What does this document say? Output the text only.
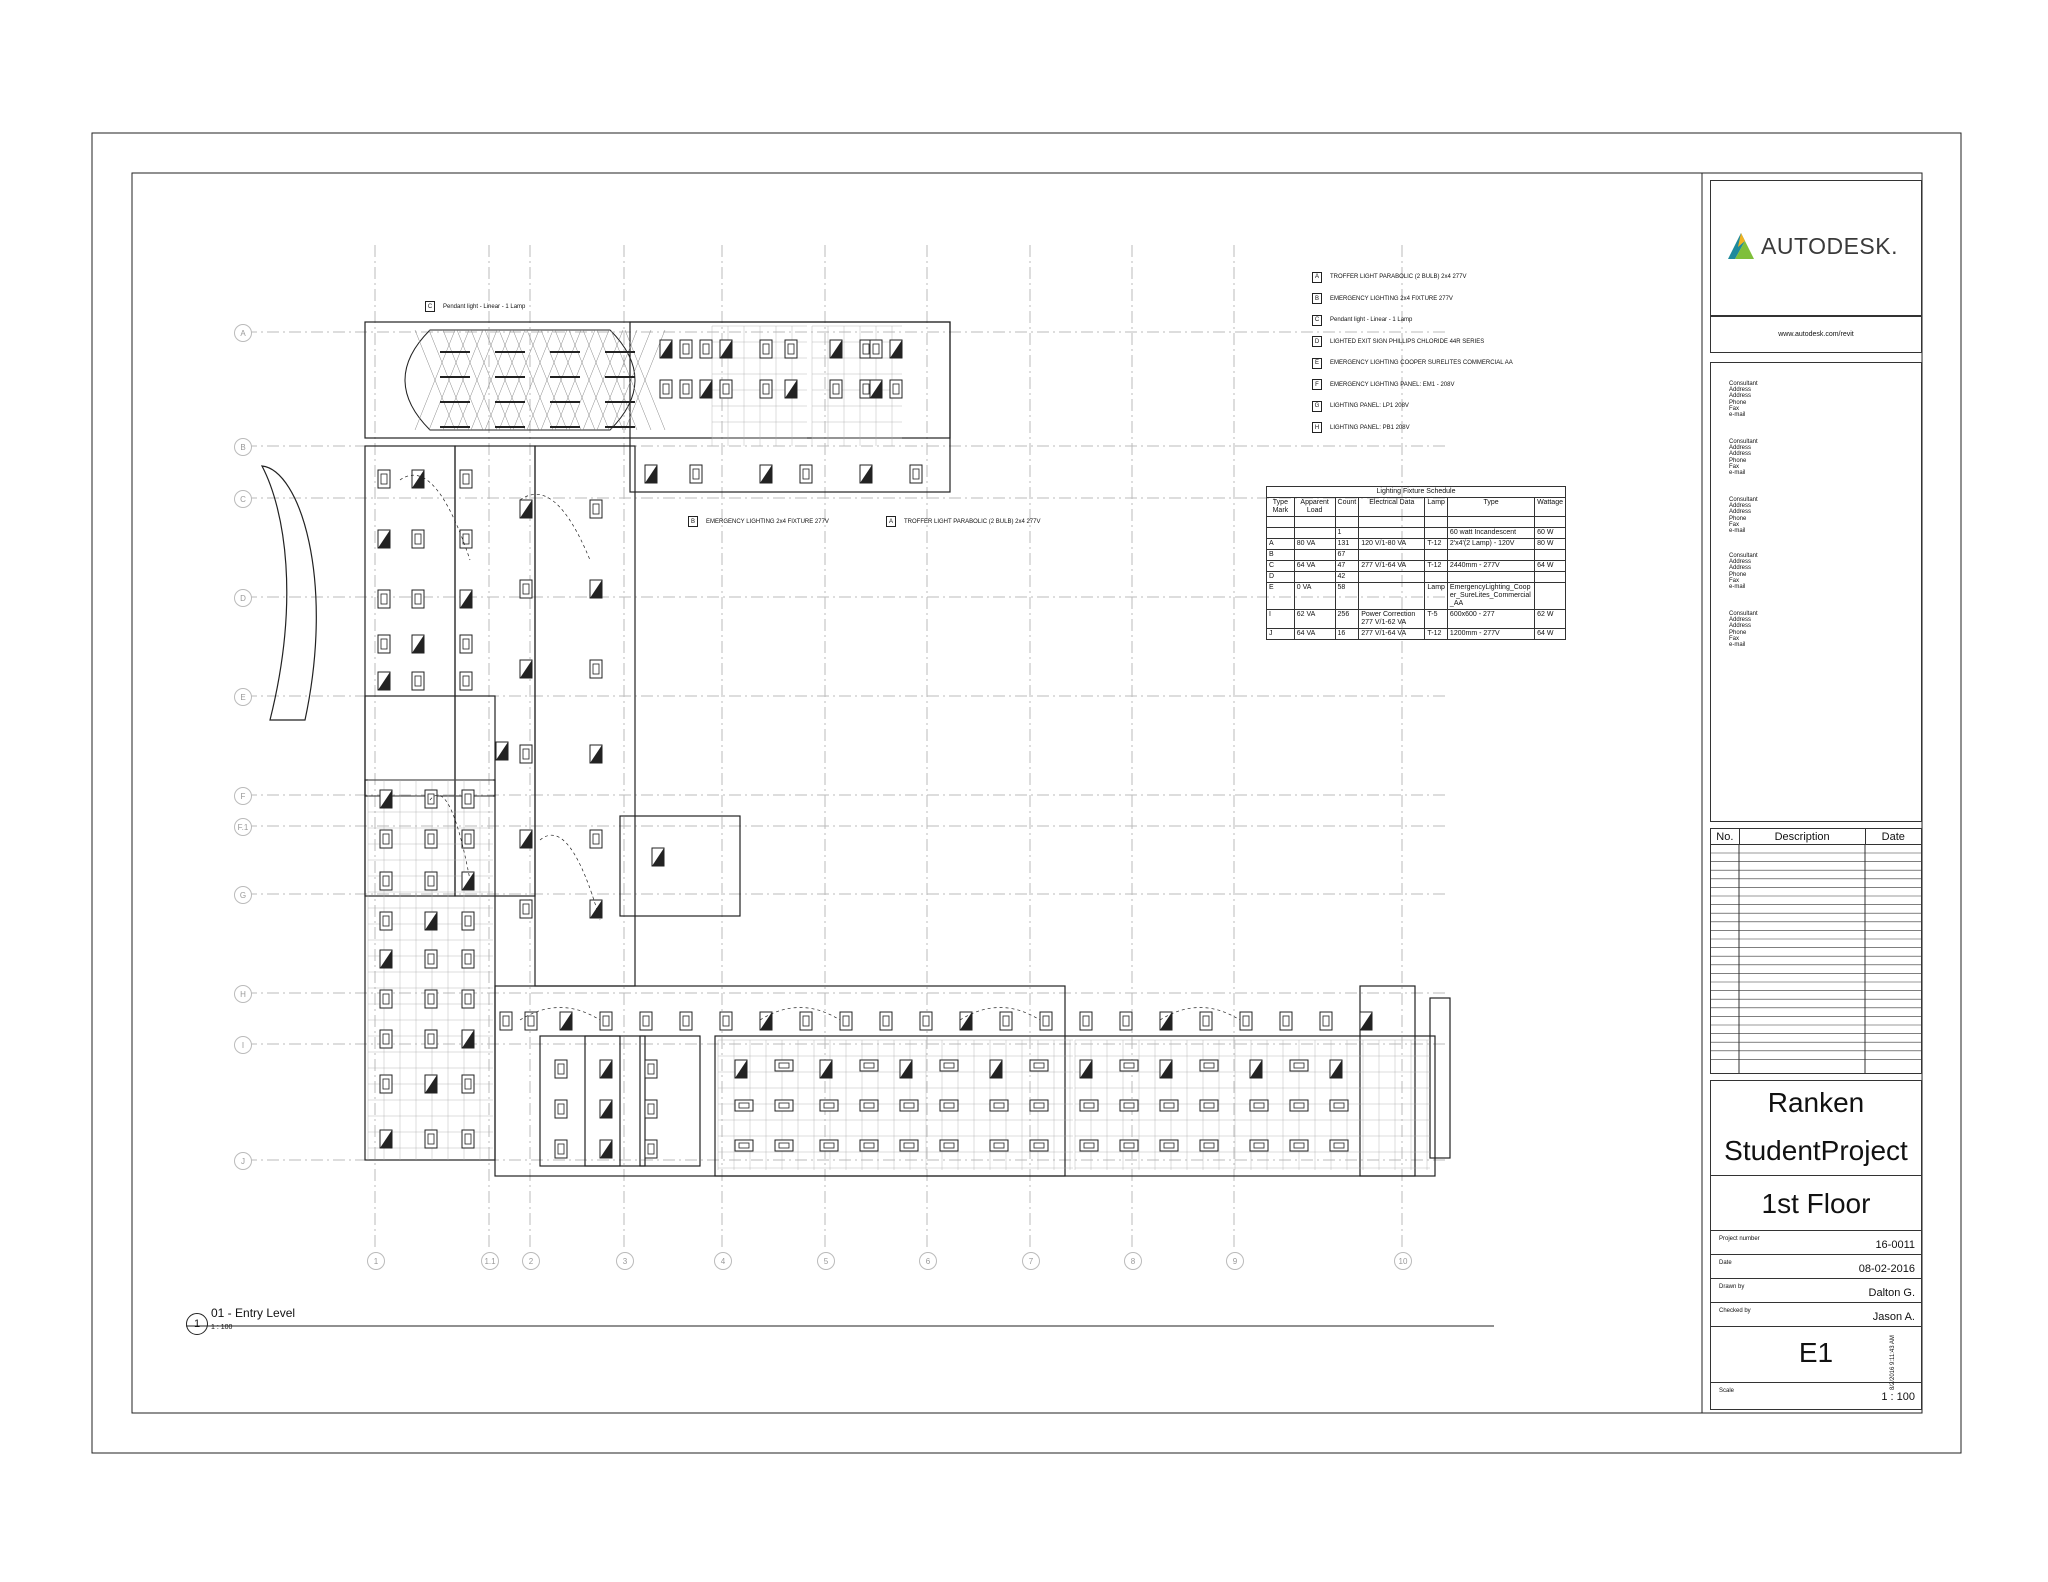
A	TROFFER LIGHT PARABOLIC (2 BULB) 2x4 277V
B	EMERGENCY LIGHTING 2x4 FIXTURE 277V
C	Pendant light - Linear - 1 Lamp
D	LIGHTED EXIT SIGN PHILLIPS CHLORIDE 44R SERIES
E	EMERGENCY LIGHTING COOPER SURELITES COMMERCIAL AA
F	EMERGENCY LIGHTING PANEL: EM1 - 208V
G	LIGHTING PANEL: LP1 208V
H	LIGHTING PANEL: PB1 208V
C	Pendant light - Linear - 1 Lamp
B	EMERGENCY LIGHTING 2x4 FIXTURE 277V	A	TROFFER LIGHT PARABOLIC (2 BULB) 2x4 277V
Lighting Fixture Schedule						
Type Mark	Apparent Load	Count	Electrical Data	Lamp	Type	Wattage

		1			60 watt Incandescent	60 W
A	80 VA	131	120 V/1-80 VA	T-12	2'x4'(2 Lamp) - 120V	80 W
B		67				
C	64 VA	47	277 V/1-64 VA	T-12	2440mm - 277V	64 W
D		42				
E	0 VA	58		Lamp	EmergencyLighting_Cooper_SureLites_Commercial_AA	
I	62 VA	256	Power Correction 277 V/1-62 VA	T-5	600x600 - 277	62 W
J	64 VA	16	277 V/1-64 VA	T-12	1200mm - 277V	64 W
A
B
C
D
E
F
F.1
G
H
I
J
1	1.1	2	3	4	5	6	7	8	9	10
1
01 - Entry Level
1 : 100
AUTODESK.
www.autodesk.com/revit
Consultant
Address
Address
Phone
Fax
e-mail
Consultant
Address
Address
Phone
Fax
e-mail
Consultant
Address
Address
Phone
Fax
e-mail
Consultant
Address
Address
Phone
Fax
e-mail
Consultant
Address
Address
Phone
Fax
e-mail
No.	Description	Date
Ranken
StudentProject
1st Floor
Project number	16-0011
Date	08-02-2016
Drawn by	Dalton G.
Checked by	Jason A.
E1
Scale	1 : 100
8/2/2016 9:11:43 AM
